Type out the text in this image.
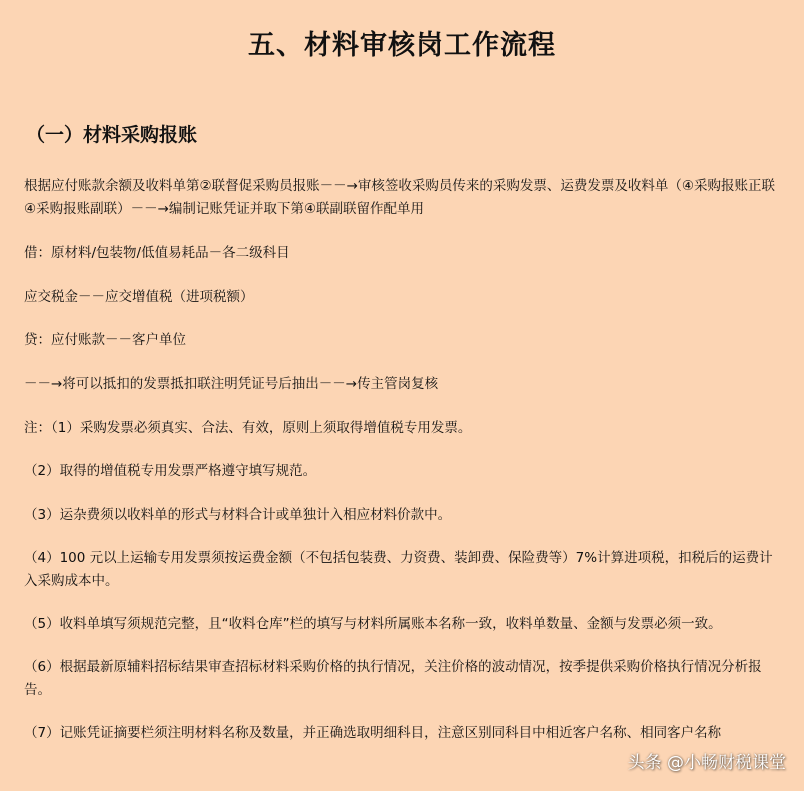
五、材料审核岗工作流程
（一）材料采购报账

根据应付账款余额及收料单第②联督促采购员报账－－→审核签收采购员传来的采购发票、运费发票及收料单（④采购报账正联④采购报账副联）－－→编制记账凭证并取下第④联副联留作配单用

借：原材料/包装物/低值易耗品－各二级科目

应交税金－－应交增值税（进项税额）

贷：应付账款－－客户单位

－－→将可以抵扣的发票抵扣联注明凭证号后抽出－－→传主管岗复核

注：（1）采购发票必须真实、合法、有效，原则上须取得增值税专用发票。

（2）取得的增值税专用发票严格遵守填写规范。

（3）运杂费须以收料单的形式与材料合计或单独计入相应材料价款中。

（4）100 元以上运输专用发票须按运费金额（不包括包装费、力资费、装卸费、保险费等）7%计算进项税，扣税后的运费计入采购成本中。

（5）收料单填写须规范完整，且“收料仓库”栏的填写与材料所属账本名称一致，收料单数量、金额与发票必须一致。

（6）根据最新原辅料招标结果审查招标材料采购价格的执行情况，关注价格的波动情况，按季提供采购价格执行情况分析报告。

（7）记账凭证摘要栏须注明材料名称及数量，并正确选取明细科目，注意区别同科目中相近客户名称、相同客户名称

头条 @小畅财税课堂
